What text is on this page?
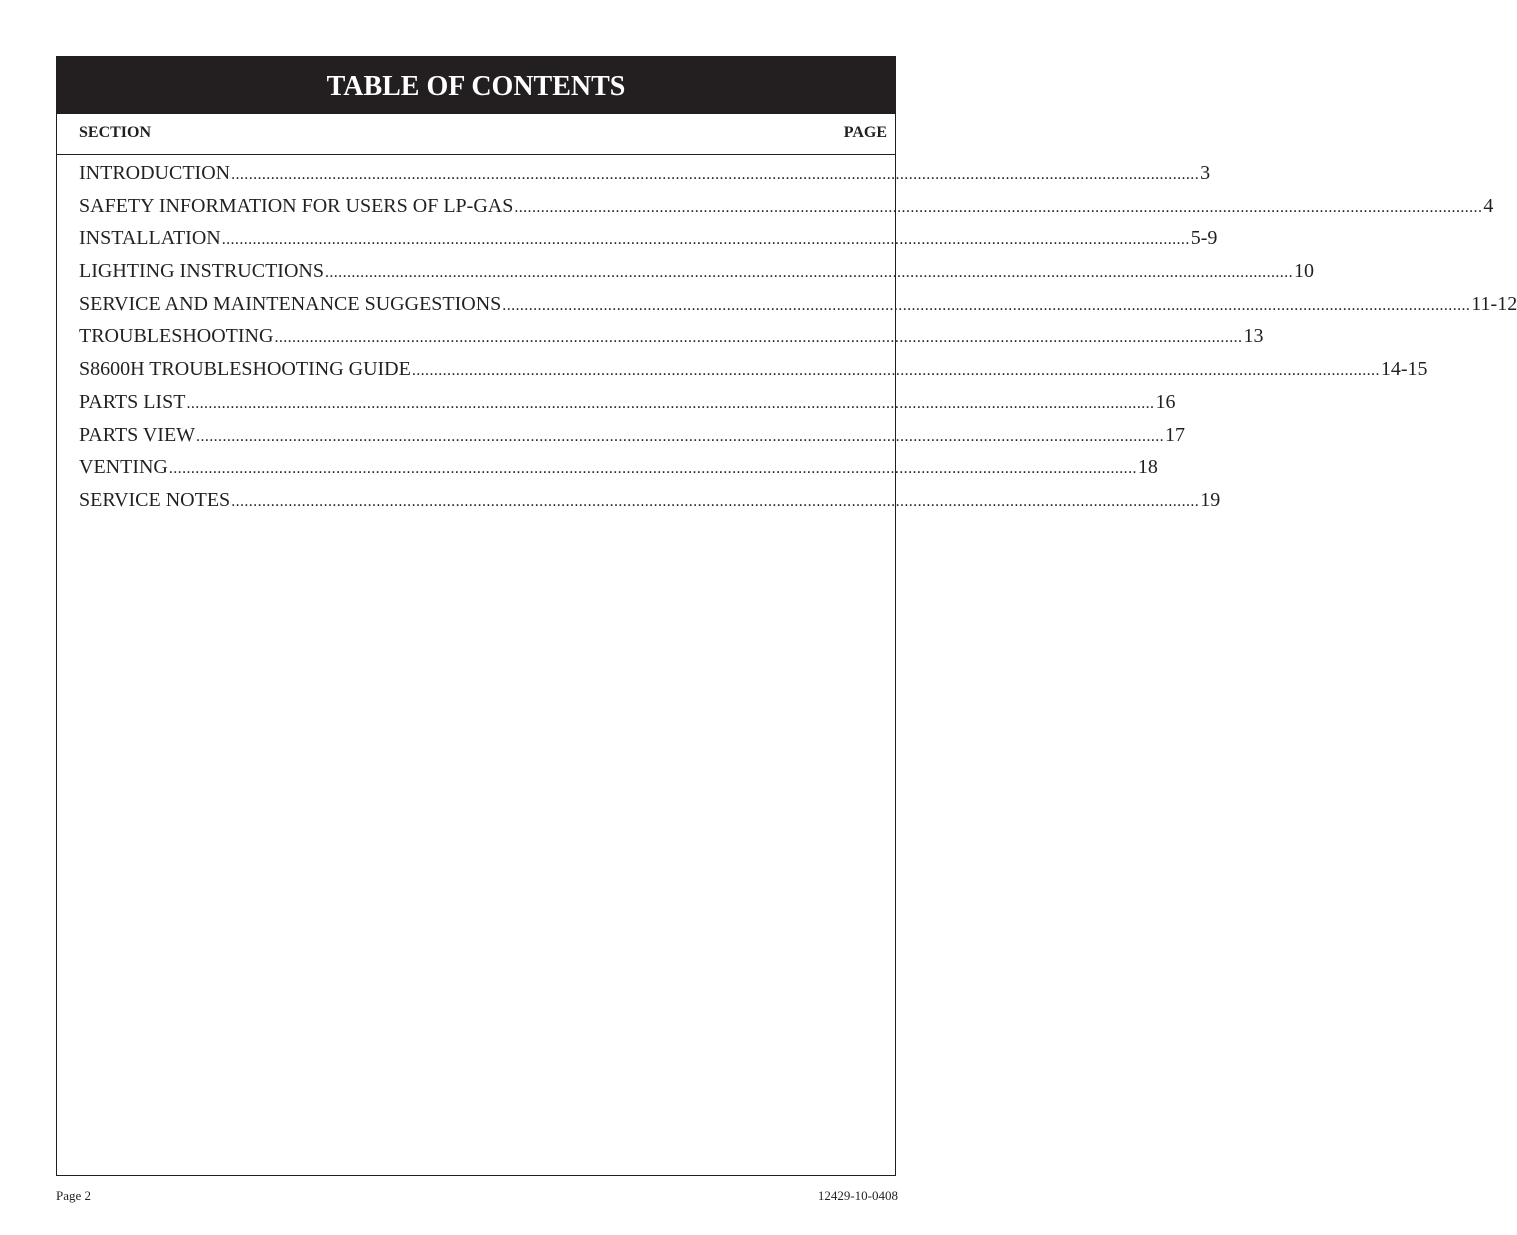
TABLE OF CONTENTS
SECTION	PAGE
INTRODUCTION ............................................................................................................................................................................................................................ 3
SAFETY INFORMATION FOR USERS OF LP-GAS ............................................................................................................................................................................................................................ 4
INSTALLATION ............................................................................................................................................................................................................................ 5-9
LIGHTING INSTRUCTIONS ............................................................................................................................................................................................................................ 10
SERVICE AND MAINTENANCE SUGGESTIONS ............................................................................................................................................................................................................................ 11-12
TROUBLESHOOTING ............................................................................................................................................................................................................................ 13
S8600H TROUBLESHOOTING GUIDE ............................................................................................................................................................................................................................ 14-15
PARTS LIST ............................................................................................................................................................................................................................ 16
PARTS VIEW ............................................................................................................................................................................................................................ 17
VENTING ............................................................................................................................................................................................................................ 18
SERVICE NOTES ............................................................................................................................................................................................................................ 19
Page 2	12429-10-0408
